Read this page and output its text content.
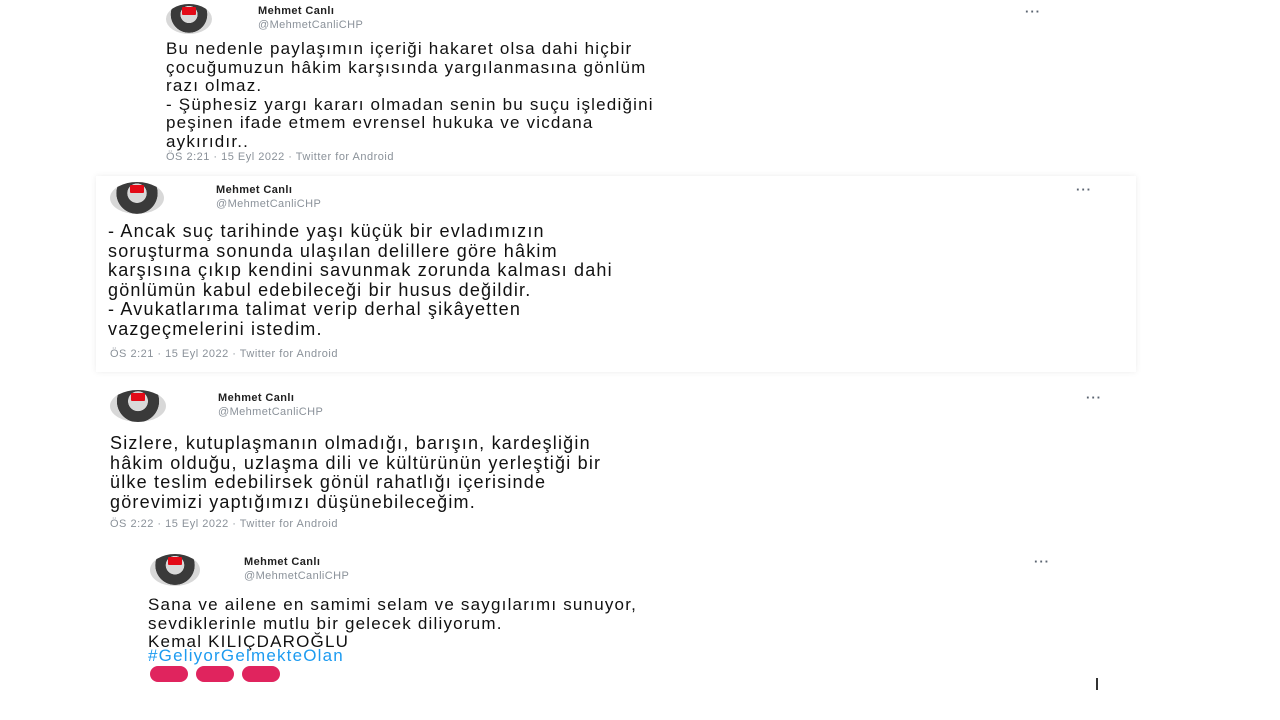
Mehmet Canlı
@MehmetCanliCHP
···
Bu nedenle paylaşımın içeriği hakaret olsa dahi hiçbir
çocuğumuzun hâkim karşısında yargılanmasına gönlüm
razı olmaz.
- Şüphesiz yargı kararı olmadan senin bu suçu işlediğini
peşinen ifade etmem evrensel hukuka ve vicdana
aykırıdır..
ÖS 2:21 · 15 Eyl 2022 · Twitter for Android
Mehmet Canlı
@MehmetCanliCHP
···
- Ancak suç tarihinde yaşı küçük bir evladımızın
soruşturma sonunda ulaşılan delillere göre hâkim
karşısına çıkıp kendini savunmak zorunda kalması dahi
gönlümün kabul edebileceği bir husus değildir.
- Avukatlarıma talimat verip derhal şikâyetten
vazgeçmelerini istedim.
ÖS 2:21 · 15 Eyl 2022 · Twitter for Android
Mehmet Canlı
@MehmetCanliCHP
···
Sizlere, kutuplaşmanın olmadığı, barışın, kardeşliğin
hâkim olduğu, uzlaşma dili ve kültürünün yerleştiği bir
ülke teslim edebilirsek gönül rahatlığı içerisinde
görevimizi yaptığımızı düşünebileceğim.
ÖS 2:22 · 15 Eyl 2022 · Twitter for Android
Mehmet Canlı
@MehmetCanliCHP
···
Sana ve ailene en samimi selam ve saygılarımı sunuyor,
sevdiklerinle mutlu bir gelecek diliyorum.
Kemal KILIÇDAROĞLU
#GeliyorGelmekteOlan
